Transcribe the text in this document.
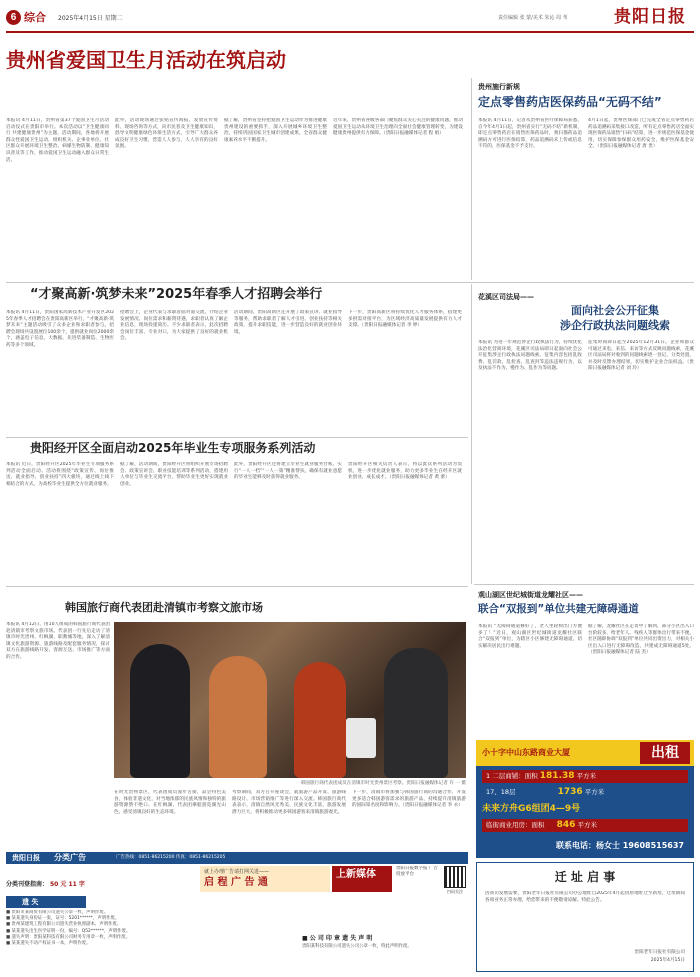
6 综合 2025年4月15日 星期二	责任编辑 张 蒙/美术 朱沁 周 苇	贵阳日报
贵州省爱国卫生月活动在筑启动
本报讯 4月11日，贵州省第37个爱国卫生月活动启动仪式在贵阳市举行。本次活动以“卫生健康同行 共建健康贵州”为主题，活动期间，各地将开展群众性爱国卫生运动，组织机关、企事业单位、社区群众开展环境卫生整治、病媒生物防制、健康知识普及等工作，推动爱国卫生运动融入群众日常生活。
此外，活动现场通过张贴宣传海报、发放宣传资料、现场咨询等方式，向市民普及卫生健康知识，倡导文明健康绿色环保生活方式，引导广大群众养成良好卫生习惯，营造人人参与、人人享有的良好氛围。
据了解，贵州省坚持把爱国卫生运动作为推进健康贵州建设的重要抓手，深入开展城乡环境卫生整治，持续巩固国家卫生城市创建成果，全省群众健康素养水平不断提升。
近年来，贵州省各级各部门聚焦群众关心关注的健康问题，推动爱国卫生运动从环境卫生治理向全面社会健康管理转变，为建设健康贵州提供有力保障。（贵阳日报融媒体记者 程 娟）
贵州施行新规
定点零售药店医保药品“无码不结”
本报讯 4月11日，记者从贵州省医疗保障局获悉，自今年4月1日起，贵州省实行“无码不结”新机制，即定点零售药店在销售医保药品时，须扫描药品追溯码方可进行医保结算，药品追溯码未上传或信息不符的，医保基金不予支付。
4月1日起，贵州医保部门已完成全省定点零售药店药品追溯码采集接口改造，所有定点零售药店全面实现医保药品销售“扫码”结算，进一步规范医保基金使用，切实保障参保群众用药安全，维护医保基金安全。（贵阳日报融媒体记者 唐 贵）
“才聚高新·筑梦未来”2025年春季人才招聘会举行
本报讯 4月11日，贵阳国家高新技术产业开发区2025年春季人才招聘会在贵阳高新区举行，“才聚高新·筑梦未来”主题活动吸引了众多企业和求职者参与。招聘会现场共设置展位100余个，提供就业岗位2000余个，涵盖电子信息、大数据、先进装备制造、生物医药等多个领域。
招聘会上，企业代表与求职者面对面交流，介绍企业发展情况、岗位需求和薪资待遇，求职者认真了解企业信息，现场投递简历。不少求职者表示，此次招聘会岗位丰富、专业对口，为大家提供了良好的就业机会。
活动期间，贵阳高新区还开展了政策宣讲、就业指导等服务，帮助求职者了解人才引进、创业扶持等相关政策，提升求职技能，进一步营造良好的就业创业环境。
下一步，贵阳高新区将持续优化人才服务体系，搭建更多供需对接平台，为区域经济高质量发展提供有力人才支撑。（贵阳日报融媒体记者 李 婷）
花溪区司法局——
面向社会公开征集
涉企行政执法问题线索
本报讯 为进一步规范涉企行政执法行为，持续优化法治化营商环境，花溪区司法局即日起面向社会公开征集涉企行政执法问题线索。征集内容包括乱收费、乱罚款、乱检查、乱查封等违法违规行为，以及执法不作为、慢作为、乱作为等问题。
征集时间即日起至2025年12月31日。企业和群众可通过来电、来信、来访等方式反映问题线索，花溪区司法局将对收到的问题线索逐一登记、分类处置，并及时反馈办理结果，切实维护企业合法权益。（贵阳日报融媒体记者 刘 玲）
贵阳经开区全面启动2025年毕业生专项服务系列活动
本报讯 近日，贵阳经开区2025年毕业生专项服务系列活动全面启动。活动将围绕“政策宣传、岗位推送、就业指导、创业扶持”四大板块，通过线上线下相结合的方式，为高校毕业生提供全方位就业服务。
据了解，活动期间，贵阳经开区将组织开展专场招聘会、政策宣讲会、职业技能培训等系列活动，搭建用人单位与毕业生交流平台，帮助毕业生更好实现就业创业。
此外，贵阳经开区还将建立毕业生就业服务台账，实行“一人一档”“一人一策”精准帮扶，确保有就业意愿的毕业生能够及时获得就业服务。
贵阳经开区相关负责人表示，将以此次系列活动为契机，进一步优化就业服务，助力更多毕业生在经开区就业创业、成长成才。（贵阳日报融媒体记者 黄 蕾）
韩国旅行商代表团赴清镇市考察文旅市场
本报讯 4月12日，由10人组成的韩国旅行商代表团赴清镇市考察文旅市场。代表团一行先后走访了清镇市时光贵州、红枫湖、职教城等地，深入了解清镇文化旅游资源、旅游线路及配套服务情况，探讨双方在旅游线路开发、客源互送、市场推广等方面的合作。
韩国旅行商代表团成员在清镇市时光贵州景区考察。贵阳日报融媒体记者 许 一 摄
在时光贵州景区，代表团成员漫步古街，品尝特色美食，体验非遗文化，对当地浓郁的民族风情和独特的旅游资源赞不绝口。在红枫湖，代表团乘船游览湖光山色，感受清镇良好的生态环境。
考察期间，双方召开座谈会，就旅游产品开发、旅游线路设计、市场营销推广等进行深入交流。韩国旅行商代表表示，清镇自然风光秀美、民族文化丰富，旅游发展潜力巨大，将积极推动更多韩国游客来清镇旅游观光。
下一步，清镇市将加强与韩国旅行商的沟通合作，开发更多适合韩国游客需求的旅游产品，持续提升清镇旅游的国际知名度和影响力。（贵阳日报融媒体记者 李 永）
观山湖区世纪城街道龙耀社区——
联合“双报到”单位共建无障碍通道
本报讯 “无障碍通道修好了，老人坐轮椅出门方便多了！”近日，观山湖区世纪城街道龙耀社区联合“双报到”单位，为辖区小区修建无障碍通道，切实解决居民出行难题。
据了解，龙耀社区在走访中了解到，部分小区出入口台阶较多，给老年人、残疾人等群体出行带来不便。社区随即协调“双报到”单位共同出资出力，对相关小区出入口进行无障碍改造，共建成无障碍通道5处。（贵阳日报融媒体记者 陆 杰）
小十字中山东路商业大厦	出租
1 二层商铺：面积 181.38 平方米
17、18层	1736 平方米
未来方舟G6组团4—9号
临街商业用房：面积 846 平方米
联系电话：杨女士 19608515637
贵阳日报 分类广告	广告热线：0851-86215200 传真：0851-86215205
就上办理广告请打网关进——
启 程 广 告 通
上新媒体
贵阳日报数字报 广告投放平台
扫码关注
分类刊登指南： 50 元 11 字
遗 失
■ 贵阳市某商贸有限公司遗失公章一枚，声明作废。
■ 某某遗失身份证一张，证号：5201******，声明作废。
■ 贵州某建筑工程有限公司遗失营业执照副本，声明作废。
■ 某某遗失出生医学证明一份，编号：Q52******，声明作废。
■ 遗失声明：贵阳某科技有限公司财务专用章一枚，声明作废。
■ 某某遗失不动产权证书一本，声明作废。
■ 公 司 印 章 遗 失 声 明
贵阳某科技有限公司遗失公司公章一枚，特此声明作废。
迁 址 启 事
因我司发展需要，贵阳老年日报社有限公司办公地址自2025年4月起由原地址迁至新址，迁址期间各项业务正常办理，给您带来的不便敬请谅解。特此公告。
贵阳老年日报社有限公司
2025年4月15日
